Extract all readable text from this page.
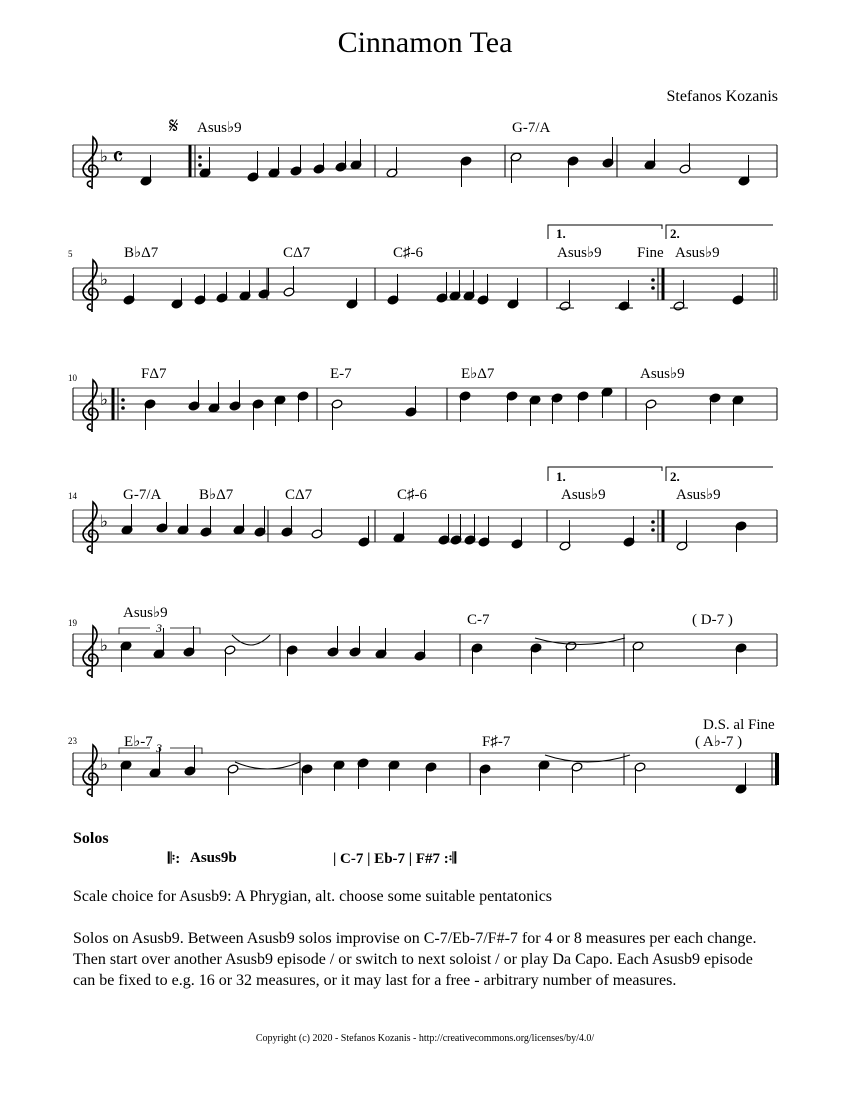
Cinnamon Tea
Stefanos Kozanis
♭
♭
♭
♭
♭
♭
5
10
14
19
23
𝄋
𝄴
Asus♭9	G-7/A
B♭Δ7	CΔ7	C♯-6	Asus♭9	Asus♭9
Fine
1.	2.
FΔ7	E-7	E♭Δ7	Asus♭9
G-7/A	B♭Δ7	CΔ7	C♯-6	Asus♭9	Asus♭9
1.	2.
Asus♭9	C-7	( D-7 )
3
E♭-7	F♯-7	( A♭-7 )
D.S. al Fine
3
Solos
𝄆: Asus9b	| C-7 | Eb-7 | F#7 :𝄇
Scale choice for Asusb9: A Phrygian, alt. choose some suitable pentatonics
Solos on Asusb9. Between Asusb9 solos improvise on C-7/Eb-7/F#-7 for 4 or 8 measures per each change. Then start over another Asusb9 episode / or switch to next soloist / or play Da Capo. Each Asusb9 episode can be fixed to e.g. 16 or 32 measures, or it may last for a free - arbitrary number of measures.
Copyright (c) 2020 - Stefanos Kozanis - http://creativecommons.org/licenses/by/4.0/
